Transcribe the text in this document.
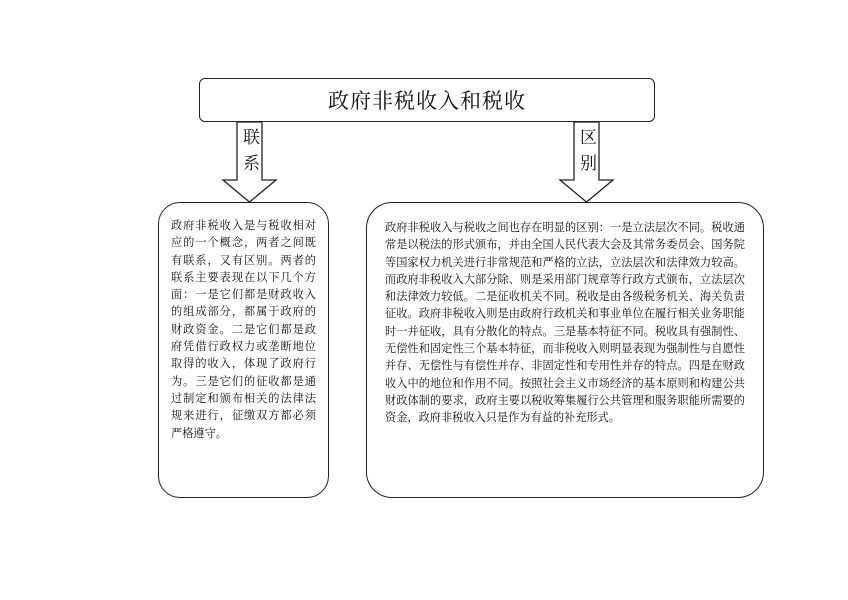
政府非税收入和税收
联系	区别
政府非税收入是与税收相对应的一个概念，两者之间既有联系，又有区别。两者的联系主要表现在以下几个方面：一是它们都是财政收入的组成部分，都属于政府的财政资金。二是它们都是政府凭借行政权力或垄断地位取得的收入，体现了政府行为。三是它们的征收都是通过制定和颁布相关的法律法规来进行，征缴双方都必须严格遵守。
政府非税收入与税收之间也存在明显的区别：一是立法层次不同。税收通常是以税法的形式颁布，并由全国人民代表大会及其常务委员会、国务院等国家权力机关进行非常规范和严格的立法，立法层次和法律效力较高。而政府非税收入大部分除、则是采用部门规章等行政方式颁布，立法层次和法律效力较低。二是征收机关不同。税收是由各级税务机关、海关负责征收。政府非税收入则是由政府行政机关和事业单位在履行相关业务职能时一并征收，具有分散化的特点。三是基本特征不同。税收具有强制性、无偿性和固定性三个基本特征，而非税收入则明显表现为强制性与自愿性并存、无偿性与有偿性并存、非固定性和专用性并存的特点。四是在财政收入中的地位和作用不同。按照社会主义市场经济的基本原则和构建公共财政体制的要求，政府主要以税收筹集履行公共管理和服务职能所需要的资金，政府非税收入只是作为有益的补充形式。
